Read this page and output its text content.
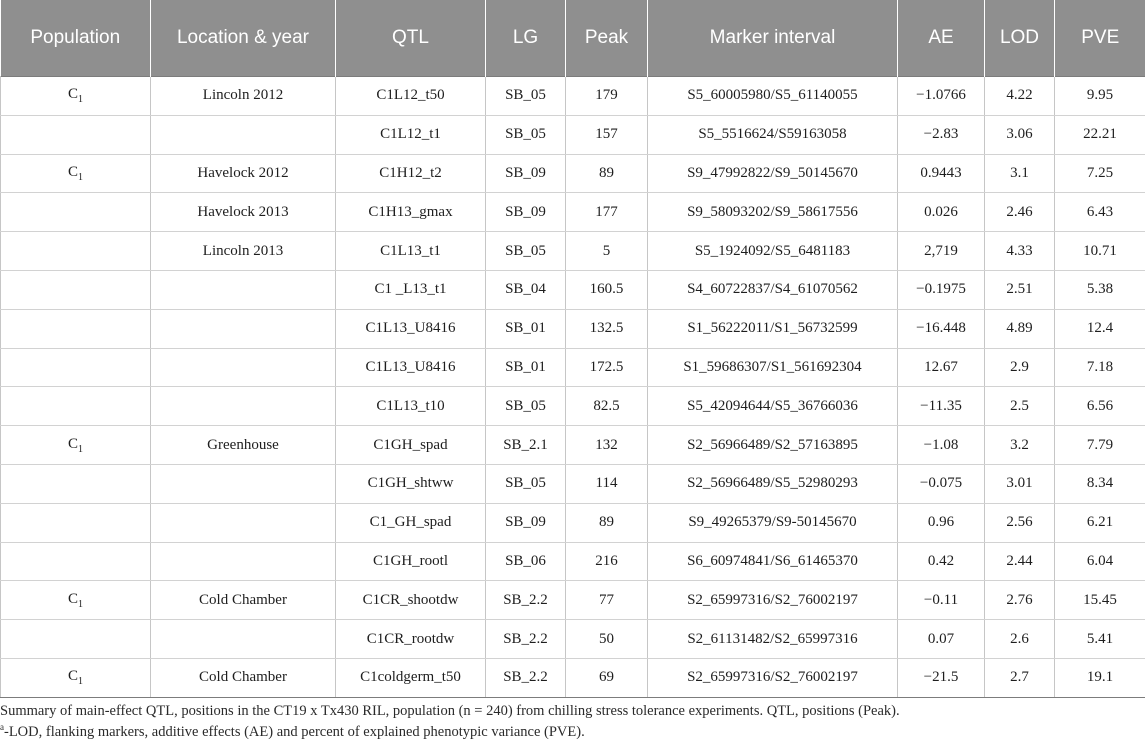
Population	Location & year	QTL	LG	Peak	Marker interval	AE	LOD	PVE
$C_1$	Lincoln 2012	C1L12_t50	SB_05	179	S5_60005980/S5_61140055	−1.0766	4.22	9.95
		C1L12_t1	SB_05	157	S5_5516624/S59163058	−2.83	3.06	22.21
$C_1$	Havelock 2012	C1H12_t2	SB_09	89	S9_47992822/S9_50145670	0.9443	3.1	7.25
	Havelock 2013	C1H13_gmax	SB_09	177	S9_58093202/S9_58617556	0.026	2.46	6.43
	Lincoln 2013	C1L13_t1	SB_05	5	S5_1924092/S5_6481183	2,719	4.33	10.71
		C1 _L13_t1	SB_04	160.5	S4_60722837/S4_61070562	−0.1975	2.51	5.38
		C1L13_U8416	SB_01	132.5	S1_56222011/S1_56732599	−16.448	4.89	12.4
		C1L13_U8416	SB_01	172.5	S1_59686307/S1_561692304	12.67	2.9	7.18
		C1L13_t10	SB_05	82.5	S5_42094644/S5_36766036	−11.35	2.5	6.56
$C_1$	Greenhouse	C1GH_spad	SB_2.1	132	S2_56966489/S2_57163895	−1.08	3.2	7.79
		C1GH_shtww	SB_05	114	S2_56966489/S5_52980293	−0.075	3.01	8.34
		C1_GH_spad	SB_09	89	S9_49265379/S9-50145670	0.96	2.56	6.21
		C1GH_rootl	SB_06	216	S6_60974841/S6_61465370	0.42	2.44	6.04
$C_1$	Cold Chamber	C1CR_shootdw	SB_2.2	77	S2_65997316/S2_76002197	−0.11	2.76	15.45
		C1CR_rootdw	SB_2.2	50	S2_61131482/S2_65997316	0.07	2.6	5.41
$C_1$	Cold Chamber	C1coldgerm_t50	SB_2.2	69	S2_65997316/S2_76002197	−21.5	2.7	19.1

Summary of main-effect QTL, positions in the CT19 x Tx430 RIL, population (n = 240) from chilling stress tolerance experiments. QTL, positions (Peak).

$^a$-LOD, flanking markers, additive effects (AE) and percent of explained phenotypic variance (PVE).
